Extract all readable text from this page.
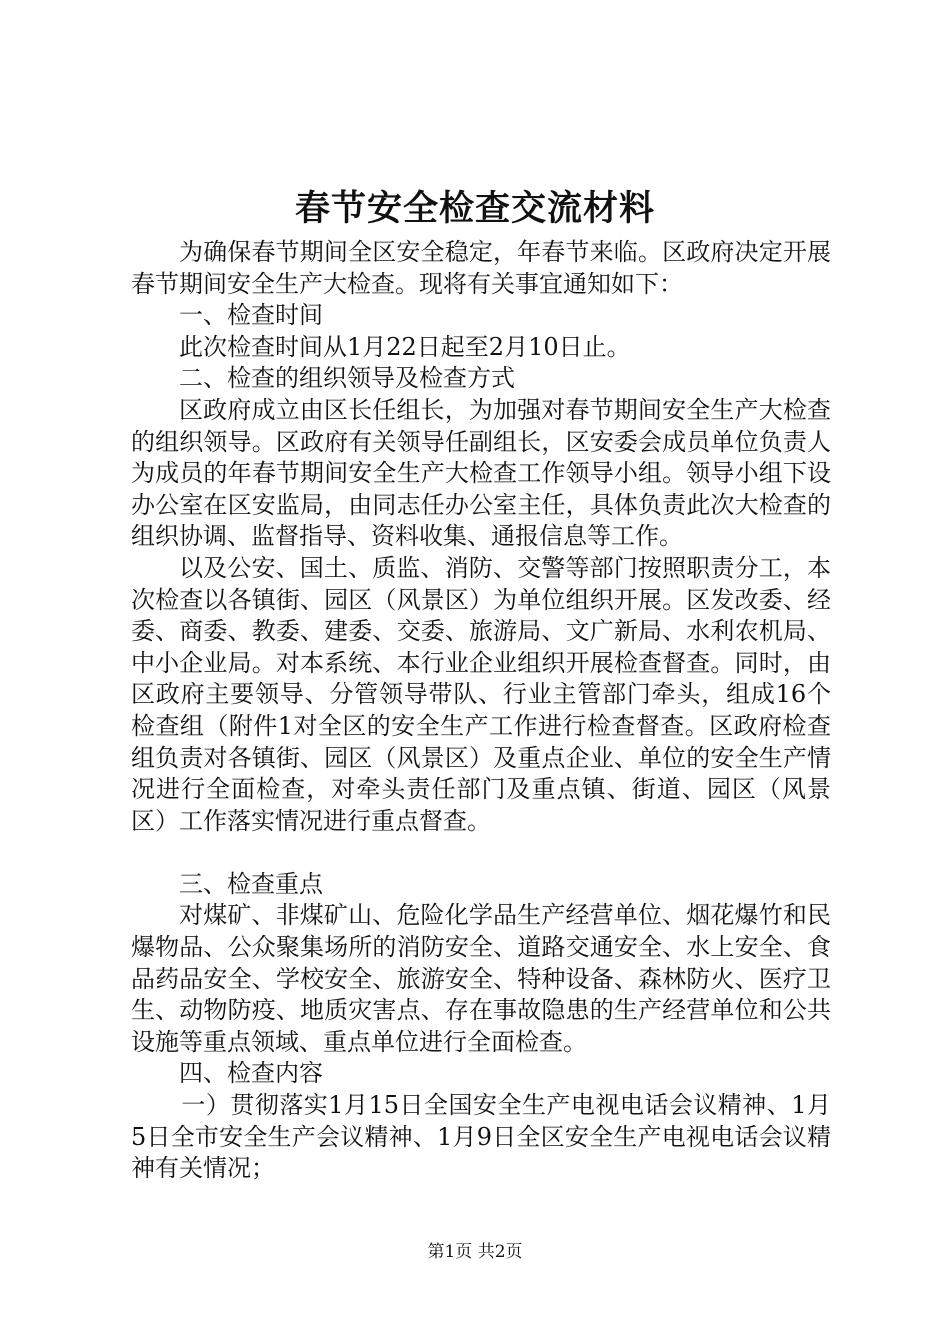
春节安全检查交流材料

为确保春节期间全区安全稳定，年春节来临。区政府决定开展春节期间安全生产大检查。现将有关事宜通知如下：

一、检查时间

此次检查时间从1月22日起至2月10日止。

二、检查的组织领导及检查方式

区政府成立由区长任组长，为加强对春节期间安全生产大检查的组织领导。区政府有关领导任副组长，区安委会成员单位负责人为成员的年春节期间安全生产大检查工作领导小组。领导小组下设办公室在区安监局，由同志任办公室主任，具体负责此次大检查的组织协调、监督指导、资料收集、通报信息等工作。

以及公安、国土、质监、消防、交警等部门按照职责分工，本次检查以各镇街、园区（风景区）为单位组织开展。区发改委、经委、商委、教委、建委、交委、旅游局、文广新局、水利农机局、中小企业局。对本系统、本行业企业组织开展检查督查。同时，由区政府主要领导、分管领导带队、行业主管部门牵头，组成16个检查组（附件1对全区的安全生产工作进行检查督查。区政府检查组负责对各镇街、园区（风景区）及重点企业、单位的安全生产情况进行全面检查，对牵头责任部门及重点镇、街道、园区（风景区）工作落实情况进行重点督查。

三、检查重点

对煤矿、非煤矿山、危险化学品生产经营单位、烟花爆竹和民爆物品、公众聚集场所的消防安全、道路交通安全、水上安全、食品药品安全、学校安全、旅游安全、特种设备、森林防火、医疗卫生、动物防疫、地质灾害点、存在事故隐患的生产经营单位和公共设施等重点领域、重点单位进行全面检查。

四、检查内容

一）贯彻落实1月15日全国安全生产电视电话会议精神、1月5日全市安全生产会议精神、1月9日全区安全生产电视电话会议精神有关情况；

第1页 共2页
